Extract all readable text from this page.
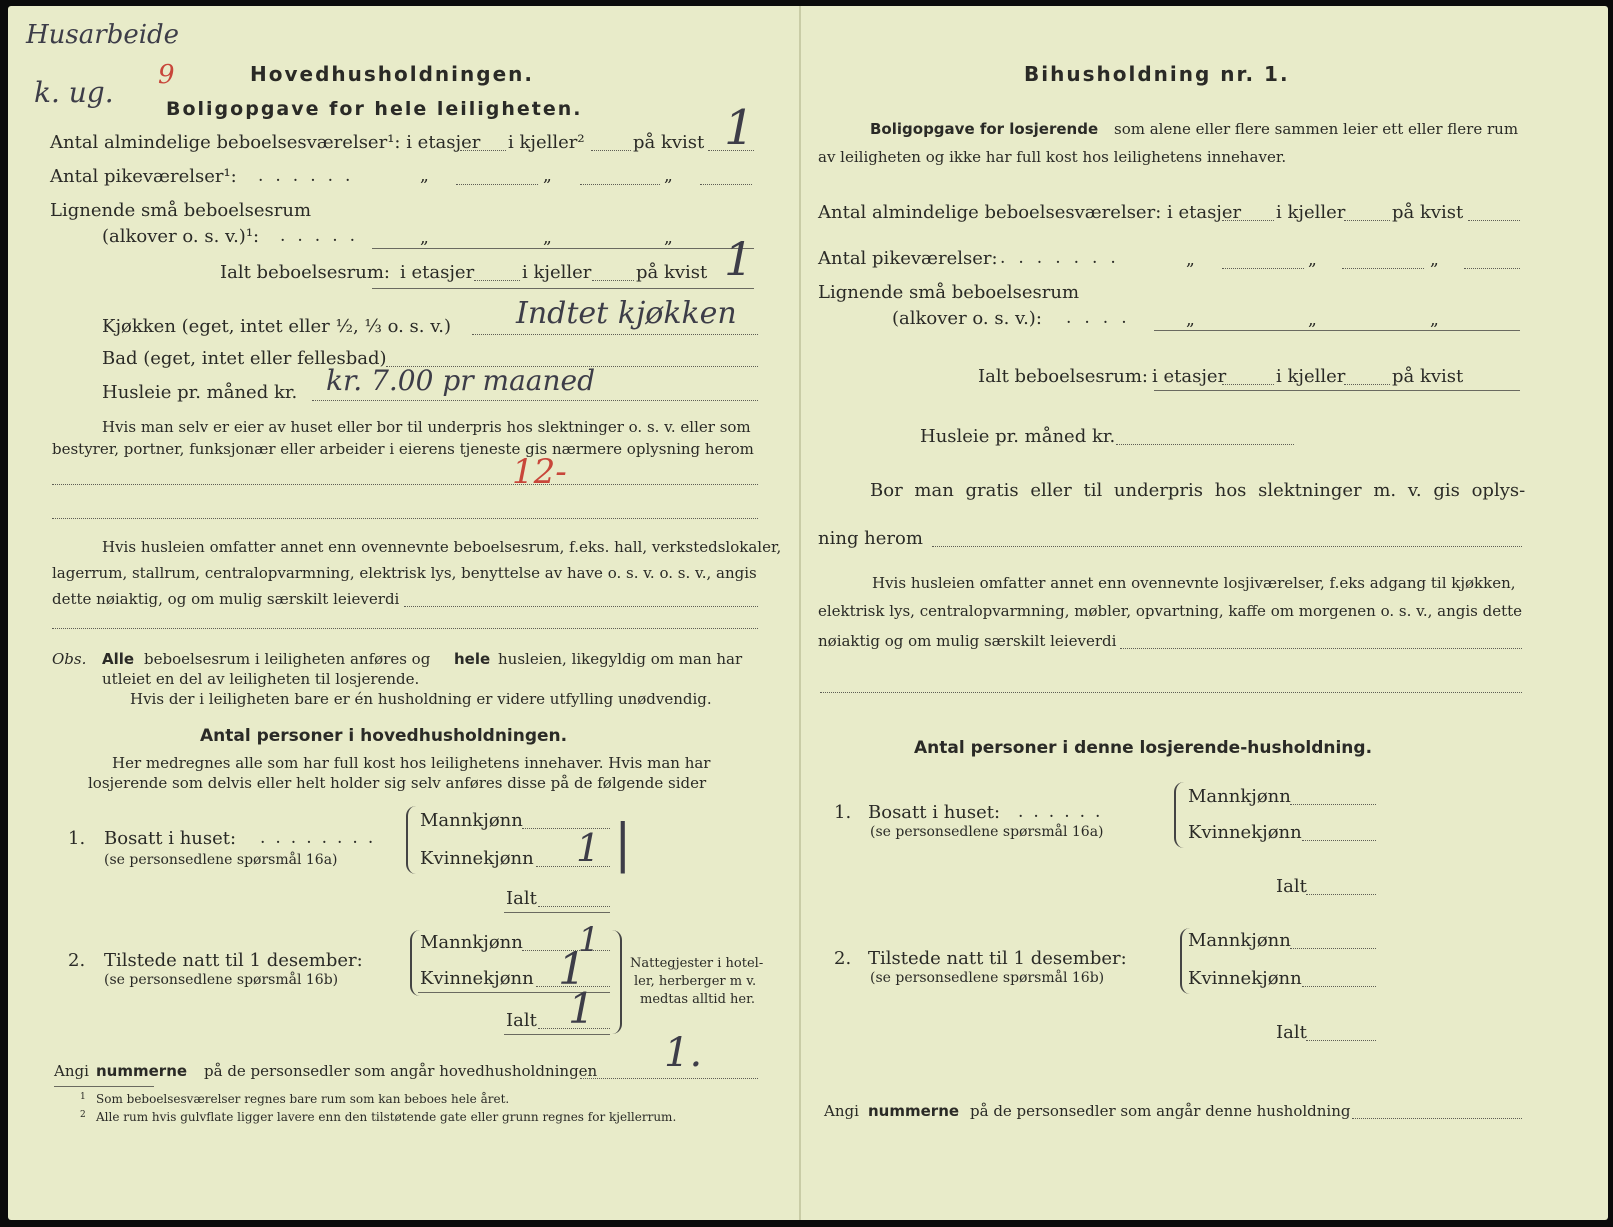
Husarbeide
k. ug.
9	Hovedhusholdningen.
Boligopgave for hele leiligheten.
Antal almindelige beboelsesværelser¹: i etasjer i kjeller²	på kvist 1
Antal pikeværelser¹: ......	„	„	„
Lignende små beboelsesrum
(alkover o. s. v.)¹: .....	„	„	„
Ialt beboelsesrum: i etasjer	i kjeller på kvist 1
Kjøkken (eget, intet eller ½, ⅓ o. s. v.) Indtet kjøkken
Bad (eget, intet eller fellesbad)
Husleie pr. måned kr. kr. 7.00 pr maaned
Hvis man selv er eier av huset eller bor til underpris hos slektninger o. s. v. eller som
bestyrer, portner, funksjonær eller arbeider i eierens tjeneste gis nærmere oplysning herom
12-
Hvis husleien omfatter annet enn ovennevnte beboelsesrum, f.eks. hall, verkstedslokaler,
lagerrum, stallrum, centralopvarmning, elektrisk lys, benyttelse av have o. s. v. o. s. v., angis
dette nøiaktig, og om mulig særskilt leieverdi
Obs. Alle beboelsesrum i leiligheten anføres og hele husleien, likegyldig om man har
utleiet en del av leiligheten til losjerende.
Hvis der i leiligheten bare er én husholdning er videre utfylling unødvendig.
Antal personer i hovedhusholdningen.
Her medregnes alle som har full kost hos leilighetens innehaver. Hvis man har
losjerende som delvis eller helt holder sig selv anføres disse på de følgende sider
1. Bosatt i huset: ........
(se personsedlene spørsmål 16a)
Mannkjønn
Kvinnekjønn 1 |
Ialt
2. Tilstede natt til 1 desember:
(se personsedlene spørsmål 16b)
Mannkjønn 1
Kvinnekjønn 1
Ialt 1
Nattegjester i hotel-
ler, herberger m v.
medtas alltid her.
Angi nummerne på de personsedler som angår hovedhusholdningen 1.
1 Som beboelsesværelser regnes bare rum som kan beboes hele året.
2 Alle rum hvis gulvflate ligger lavere enn den tilstøtende gate eller grunn regnes for kjellerrum.
Bihusholdning nr. 1.
Boligopgave for losjerende som alene eller flere sammen leier ett eller flere rum
av leiligheten og ikke har full kost hos leilighetens innehaver.
Antal almindelige beboelsesværelser: i etasjer i kjeller	på kvist
Antal pikeværelser: .......	„	„	„
Lignende små beboelsesrum
(alkover o. s. v.): ....	„	„	„
Ialt beboelsesrum: i etasjer	i kjeller	på kvist
Husleie pr. måned kr.
Bor man gratis eller til underpris hos slektninger m. v. gis oplys-
ning herom
Hvis husleien omfatter annet enn ovennevnte losjiværelser, f.eks adgang til kjøkken,
elektrisk lys, centralopvarmning, møbler, opvartning, kaffe om morgenen o. s. v., angis dette
nøiaktig og om mulig særskilt leieverdi
Antal personer i denne losjerende-husholdning.
1. Bosatt i huset: ......
(se personsedlene spørsmål 16a)
Mannkjønn
Kvinnekjønn
Ialt
2. Tilstede natt til 1 desember:
(se personsedlene spørsmål 16b)
Mannkjønn
Kvinnekjønn
Ialt
Angi nummerne på de personsedler som angår denne husholdning
